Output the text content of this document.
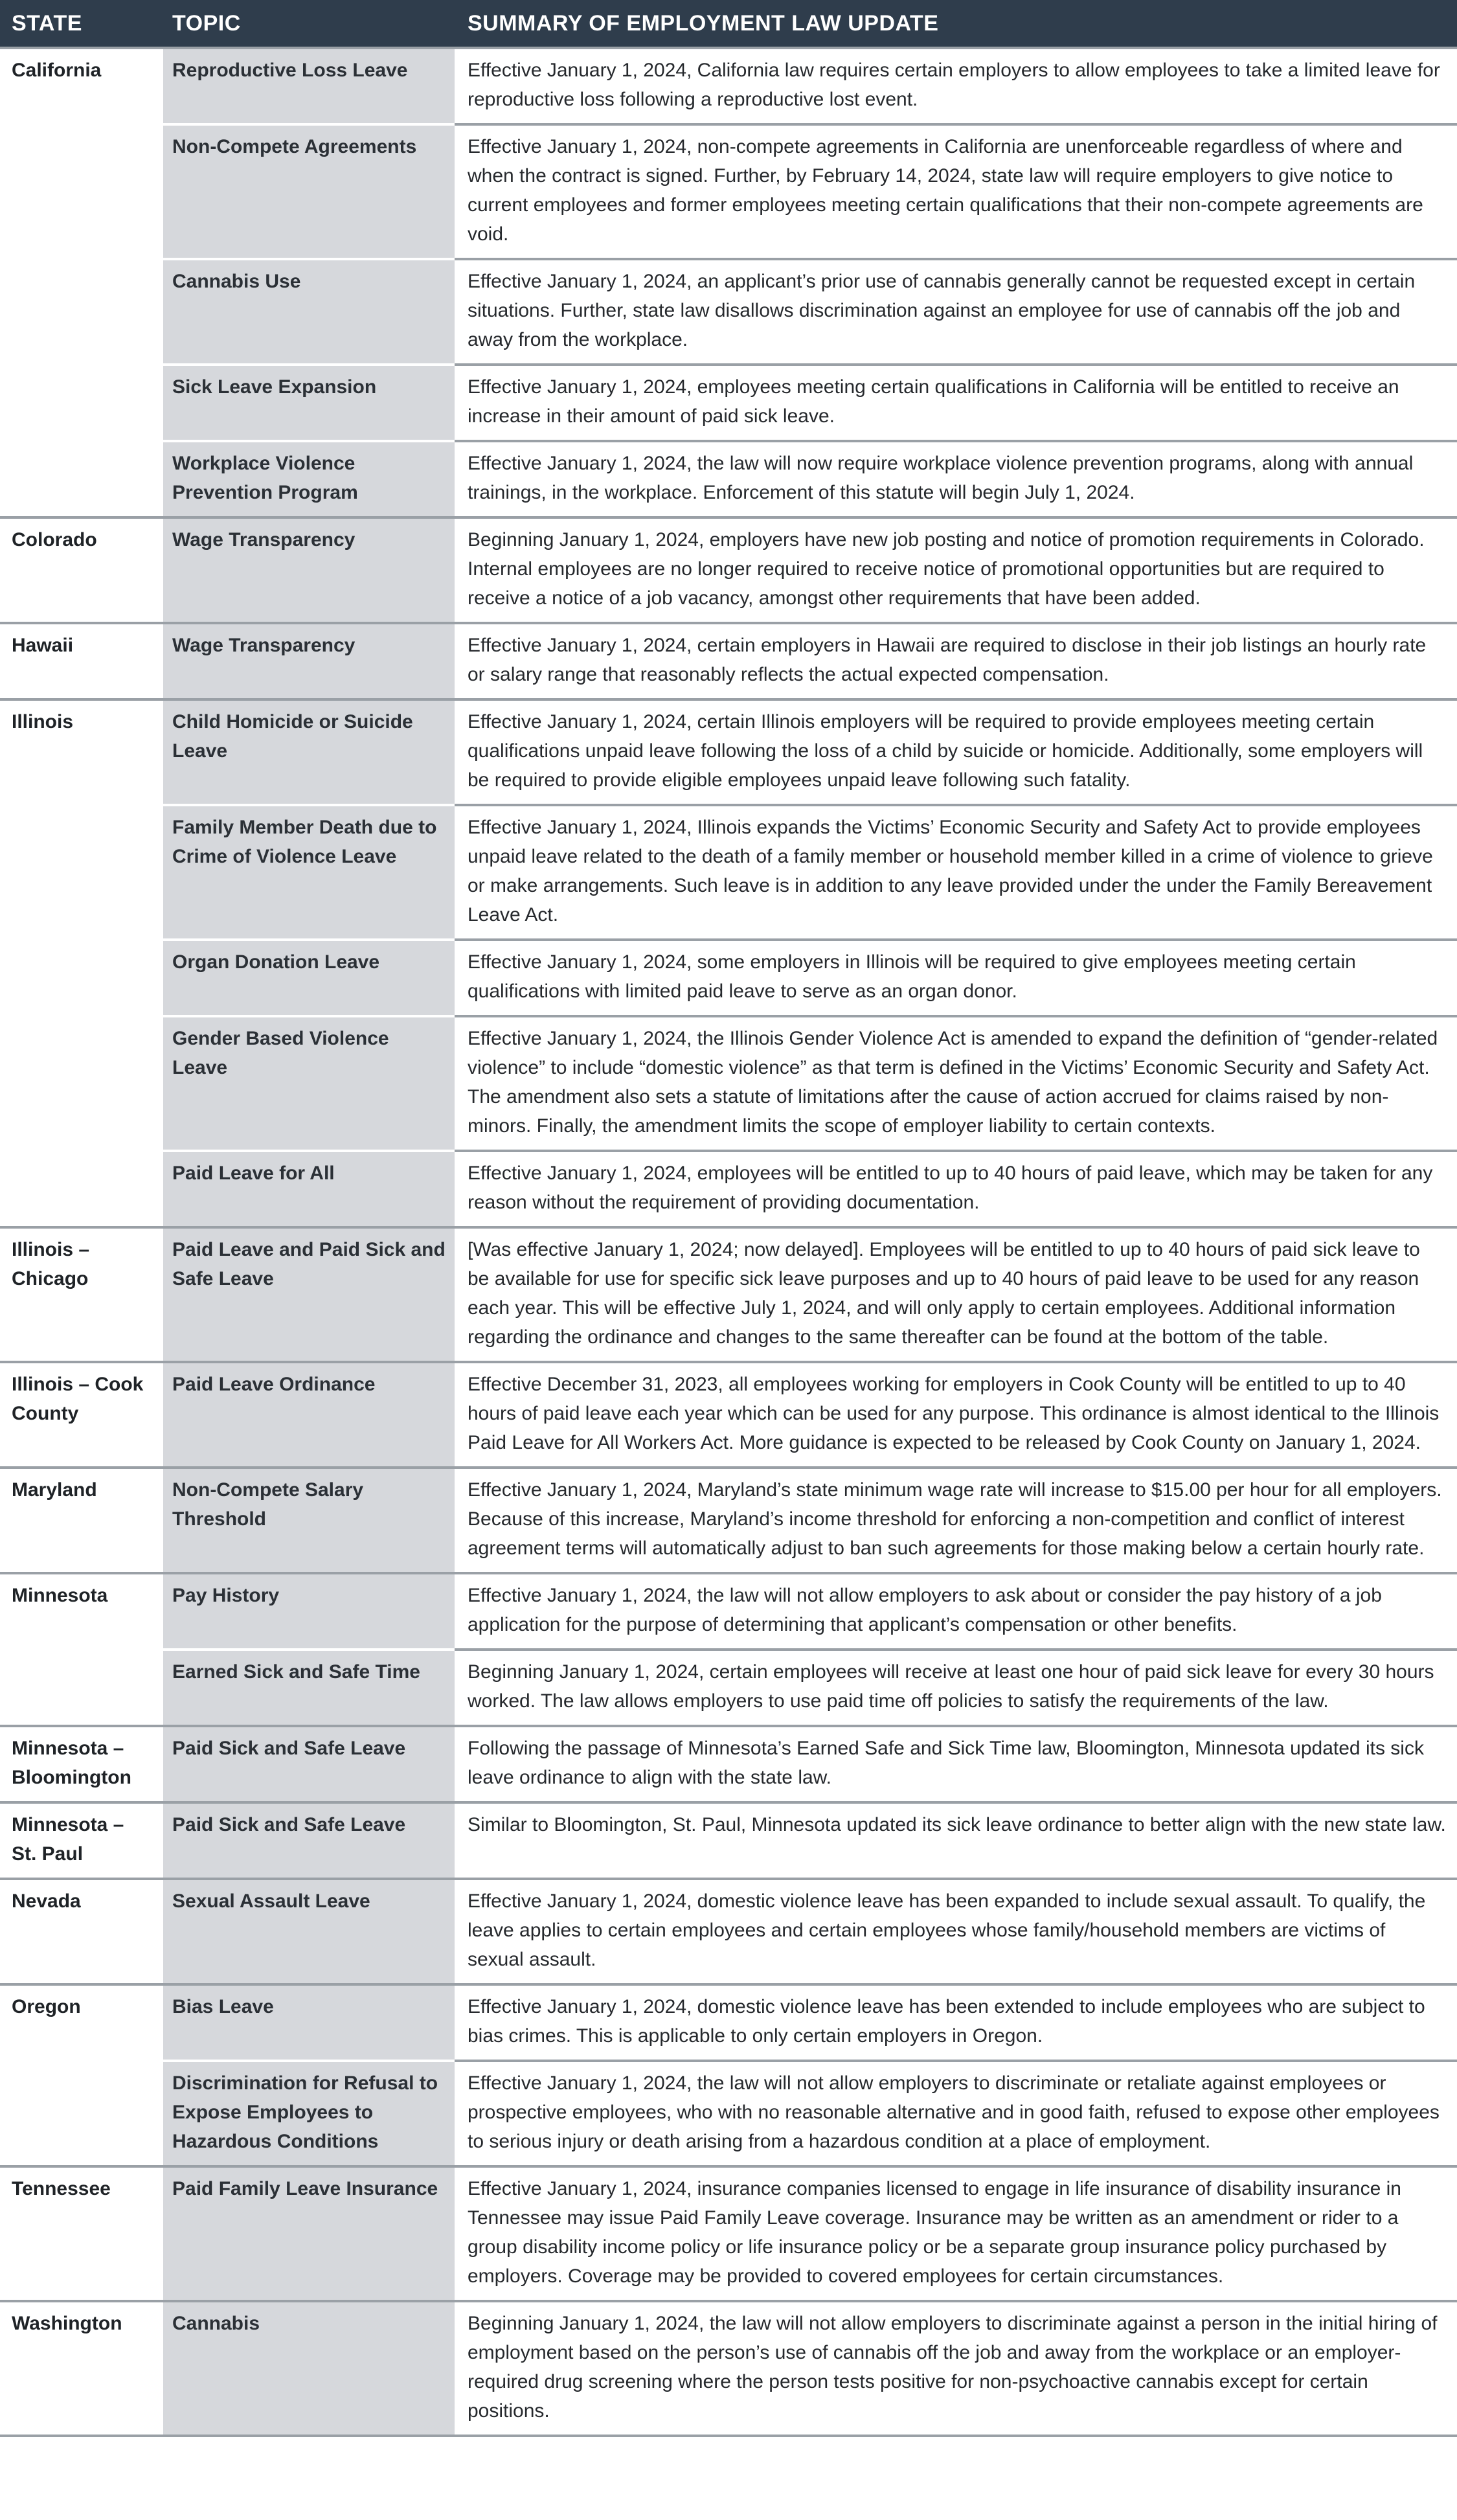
STATE	TOPIC	SUMMARY OF EMPLOYMENT LAW UPDATE
California	Reproductive Loss Leave	Effective January 1, 2024, California law requires certain employers to allow employees to take a limited leave for reproductive loss following a reproductive lost event.
	Non-Compete Agreements	Effective January 1, 2024, non-compete agreements in California are unenforceable regardless of where and when the contract is signed. Further, by February 14, 2024, state law will require employers to give notice to current employees and former employees meeting certain qualifications that their non-compete agreements are void.
	Cannabis Use	Effective January 1, 2024, an applicant’s prior use of cannabis generally cannot be requested except in certain situations. Further, state law disallows discrimination against an employee for use of cannabis off the job and away from the workplace.
	Sick Leave Expansion	Effective January 1, 2024, employees meeting certain qualifications in California will be entitled to receive an increase in their amount of paid sick leave.
	Workplace Violence Prevention Program	Effective January 1, 2024, the law will now require workplace violence prevention programs, along with annual trainings, in the workplace. Enforcement of this statute will begin July 1, 2024.
Colorado	Wage Transparency	Beginning January 1, 2024, employers have new job posting and notice of promotion requirements in Colorado. Internal employees are no longer required to receive notice of promotional opportunities but are required to receive a notice of a job vacancy, amongst other requirements that have been added.
Hawaii	Wage Transparency	Effective January 1, 2024, certain employers in Hawaii are required to disclose in their job listings an hourly rate or salary range that reasonably reflects the actual expected compensation.
Illinois	Child Homicide or Suicide Leave	Effective January 1, 2024, certain Illinois employers will be required to provide employees meeting certain qualifications unpaid leave following the loss of a child by suicide or homicide. Additionally, some employers will be required to provide eligible employees unpaid leave following such fatality.
	Family Member Death due to Crime of Violence Leave	Effective January 1, 2024, Illinois expands the Victims’ Economic Security and Safety Act to provide employees unpaid leave related to the death of a family member or household member killed in a crime of violence to grieve or make arrangements. Such leave is in addition to any leave provided under the under the Family Bereavement Leave Act.
	Organ Donation Leave	Effective January 1, 2024, some employers in Illinois will be required to give employees meeting certain qualifications with limited paid leave to serve as an organ donor.
	Gender Based Violence Leave	Effective January 1, 2024, the Illinois Gender Violence Act is amended to expand the definition of “gender-related violence” to include “domestic violence” as that term is defined in the Victims’ Economic Security and Safety Act. The amendment also sets a statute of limitations after the cause of action accrued for claims raised by non-minors. Finally, the amendment limits the scope of employer liability to certain contexts.
	Paid Leave for All	Effective January 1, 2024, employees will be entitled to up to 40 hours of paid leave, which may be taken for any reason without the requirement of providing documentation.
Illinois – Chicago	Paid Leave and Paid Sick and Safe Leave	[Was effective January 1, 2024; now delayed]. Employees will be entitled to up to 40 hours of paid sick leave to be available for use for specific sick leave purposes and up to 40 hours of paid leave to be used for any reason each year. This will be effective July 1, 2024, and will only apply to certain employees. Additional information regarding the ordinance and changes to the same thereafter can be found at the bottom of the table.
Illinois – Cook County	Paid Leave Ordinance	Effective December 31, 2023, all employees working for employers in Cook County will be entitled to up to 40 hours of paid leave each year which can be used for any purpose. This ordinance is almost identical to the Illinois Paid Leave for All Workers Act. More guidance is expected to be released by Cook County on January 1, 2024.
Maryland	Non-Compete Salary Threshold	Effective January 1, 2024, Maryland’s state minimum wage rate will increase to $15.00 per hour for all employers. Because of this increase, Maryland’s income threshold for enforcing a non-competition and conflict of interest agreement terms will automatically adjust to ban such agreements for those making below a certain hourly rate.
Minnesota	Pay History	Effective January 1, 2024, the law will not allow employers to ask about or consider the pay history of a job application for the purpose of determining that applicant’s compensation or other benefits.
	Earned Sick and Safe Time	Beginning January 1, 2024, certain employees will receive at least one hour of paid sick leave for every 30 hours worked. The law allows employers to use paid time off policies to satisfy the requirements of the law.
Minnesota – Bloomington	Paid Sick and Safe Leave	Following the passage of Minnesota’s Earned Safe and Sick Time law, Bloomington, Minnesota updated its sick leave ordinance to align with the state law.
Minnesota – St. Paul	Paid Sick and Safe Leave	Similar to Bloomington, St. Paul, Minnesota updated its sick leave ordinance to better align with the new state law.
Nevada	Sexual Assault Leave	Effective January 1, 2024, domestic violence leave has been expanded to include sexual assault. To qualify, the leave applies to certain employees and certain employees whose family/household members are victims of sexual assault.
Oregon	Bias Leave	Effective January 1, 2024, domestic violence leave has been extended to include employees who are subject to bias crimes. This is applicable to only certain employers in Oregon.
	Discrimination for Refusal to Expose Employees to Hazardous Conditions	Effective January 1, 2024, the law will not allow employers to discriminate or retaliate against employees or prospective employees, who with no reasonable alternative and in good faith, refused to expose other employees to serious injury or death arising from a hazardous condition at a place of employment.
Tennessee	Paid Family Leave Insurance	Effective January 1, 2024, insurance companies licensed to engage in life insurance of disability insurance in Tennessee may issue Paid Family Leave coverage. Insurance may be written as an amendment or rider to a group disability income policy or life insurance policy or be a separate group insurance policy purchased by employers. Coverage may be provided to covered employees for certain circumstances.
Washington	Cannabis	Beginning January 1, 2024, the law will not allow employers to discriminate against a person in the initial hiring of employment based on the person’s use of cannabis off the job and away from the workplace or an employer-required drug screening where the person tests positive for non-psychoactive cannabis except for certain positions.
